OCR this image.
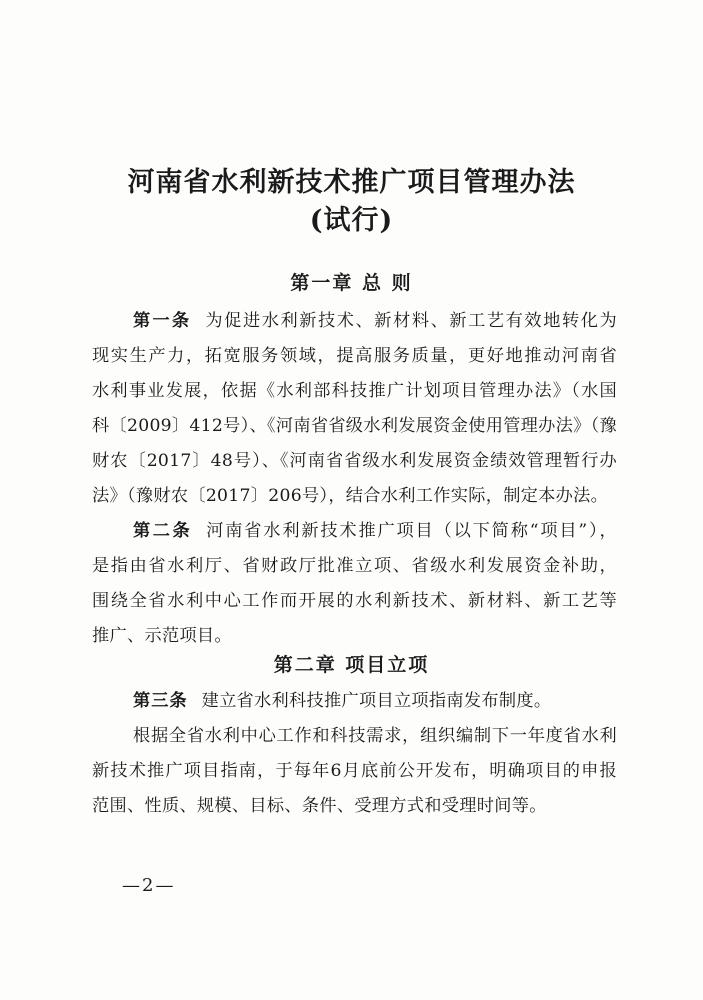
河南省水利新技术推广项目管理办法
(试行)
第一章 总 则
第一条 为促进水利新技术、新材料、新工艺有效地转化为
现实生产力，拓宽服务领域，提高服务质量，更好地推动河南省
水利事业发展，依据《水利部科技推广计划项目管理办法》（水国
科〔2009〕412号）、《河南省省级水利发展资金使用管理办法》（豫
财农〔2017〕48号）、《河南省省级水利发展资金绩效管理暂行办
法》（豫财农〔2017〕206号），结合水利工作实际，制定本办法。
第二条 河南省水利新技术推广项目（以下简称“项目”），
是指由省水利厅、省财政厅批准立项、省级水利发展资金补助，
围绕全省水利中心工作而开展的水利新技术、新材料、新工艺等
推广、示范项目。
第二章 项目立项
第三条 建立省水利科技推广项目立项指南发布制度。
根据全省水利中心工作和科技需求，组织编制下一年度省水利
新技术推广项目指南，于每年6月底前公开发布，明确项目的申报
范围、性质、规模、目标、条件、受理方式和受理时间等。
—2—
